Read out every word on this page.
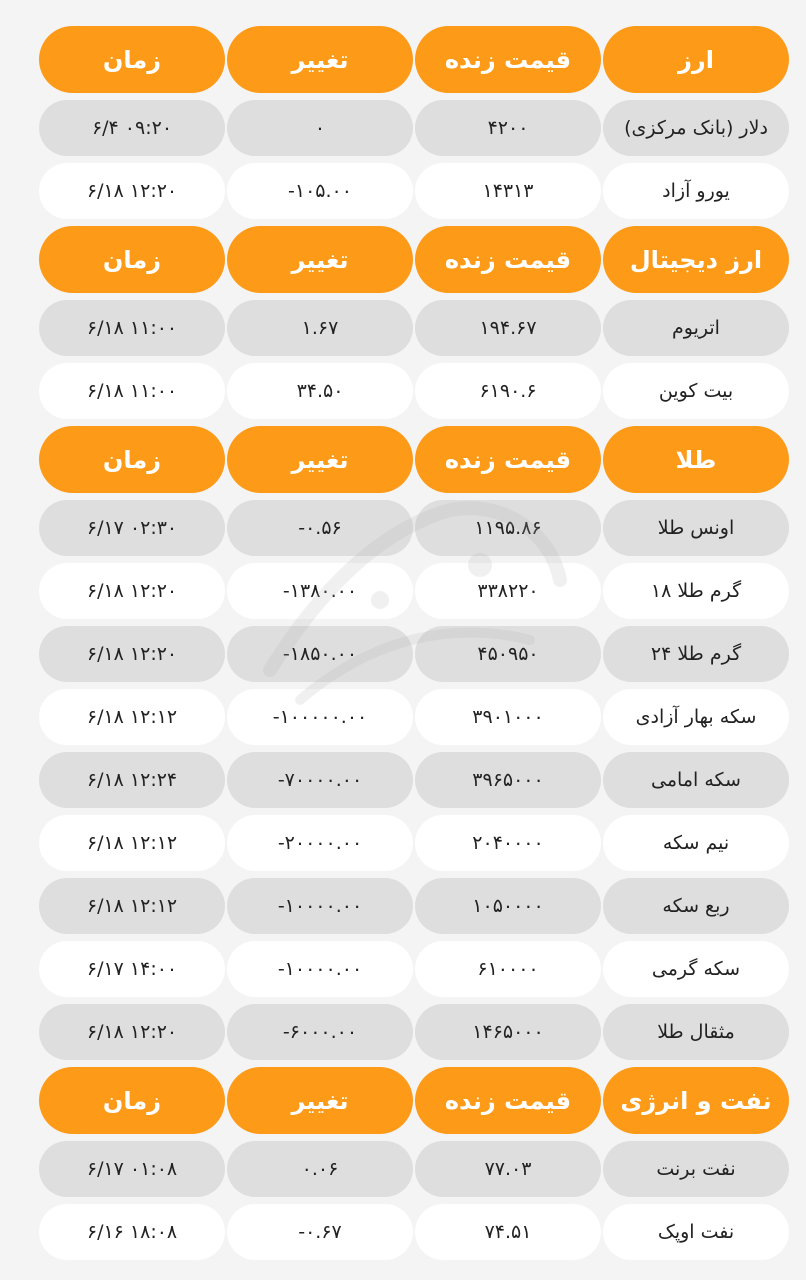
ارز
قیمت زنده
تغییر
زمان
دلار (بانک مرکزی)
۴۲۰۰
۰
۶/۴ ۰۹:۲۰
یورو آزاد
۱۴۳۱۳
-۱۰۵.۰۰
۶/۱۸ ۱۲:۲۰
ارز دیجیتال
قیمت زنده
تغییر
زمان
اتریوم
۱۹۴.۶۷
۱.۶۷
۶/۱۸ ۱۱:۰۰
بیت کوین
۶۱۹۰.۶
۳۴.۵۰
۶/۱۸ ۱۱:۰۰
طلا
قیمت زنده
تغییر
زمان
اونس طلا
۱۱۹۵.۸۶
-۰.۵۶
۶/۱۷ ۰۲:۳۰
گرم طلا ۱۸
۳۳۸۲۲۰
-۱۳۸۰.۰۰
۶/۱۸ ۱۲:۲۰
گرم طلا ۲۴
۴۵۰۹۵۰
-۱۸۵۰.۰۰
۶/۱۸ ۱۲:۲۰
سکه بهار آزادی
۳۹۰۱۰۰۰
-۱۰۰۰۰۰.۰۰
۶/۱۸ ۱۲:۱۲
سکه امامی
۳۹۶۵۰۰۰
-۷۰۰۰۰.۰۰
۶/۱۸ ۱۲:۲۴
نیم سکه
۲۰۴۰۰۰۰
-۲۰۰۰۰.۰۰
۶/۱۸ ۱۲:۱۲
ربع سکه
۱۰۵۰۰۰۰
-۱۰۰۰۰.۰۰
۶/۱۸ ۱۲:۱۲
سکه گرمی
۶۱۰۰۰۰
-۱۰۰۰۰.۰۰
۶/۱۷ ۱۴:۰۰
مثقال طلا
۱۴۶۵۰۰۰
-۶۰۰۰.۰۰
۶/۱۸ ۱۲:۲۰
نفت و انرژی
قیمت زنده
تغییر
زمان
نفت برنت
۷۷.۰۳
۰.۰۶
۶/۱۷ ۰۱:۰۸
نفت اوپک
۷۴.۵۱
-۰.۶۷
۶/۱۶ ۱۸:۰۸
